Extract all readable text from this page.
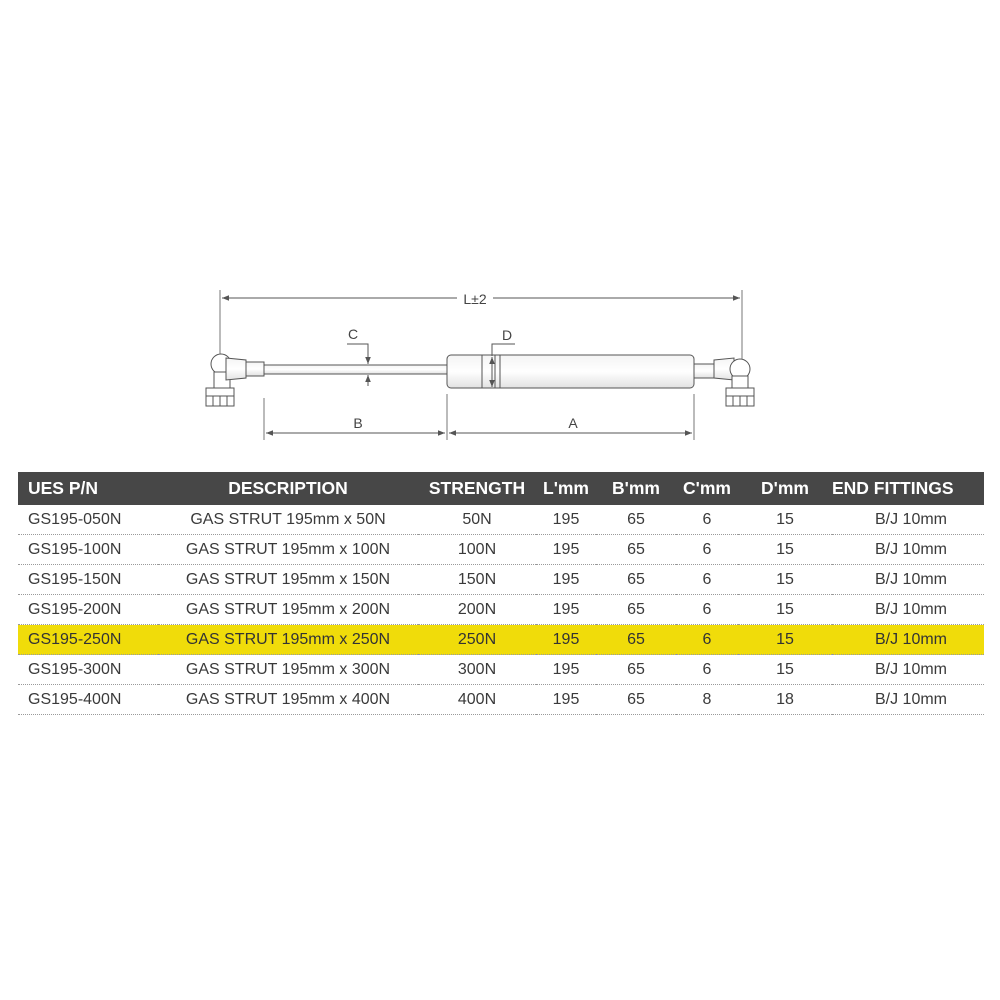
L±2
C	D
B	A
UES P/N	DESCRIPTION	STRENGTH	L'mm	B'mm	C'mm	D'mm	END FITTINGS
GS195-050N	GAS STRUT 195mm x 50N	50N	195	65	6	15	B/J 10mm
GS195-100N	GAS STRUT 195mm x 100N	100N	195	65	6	15	B/J 10mm
GS195-150N	GAS STRUT 195mm x 150N	150N	195	65	6	15	B/J 10mm
GS195-200N	GAS STRUT 195mm x 200N	200N	195	65	6	15	B/J 10mm
GS195-250N	GAS STRUT 195mm x 250N	250N	195	65	6	15	B/J 10mm
GS195-300N	GAS STRUT 195mm x 300N	300N	195	65	6	15	B/J 10mm
GS195-400N	GAS STRUT 195mm x 400N	400N	195	65	8	18	B/J 10mm
